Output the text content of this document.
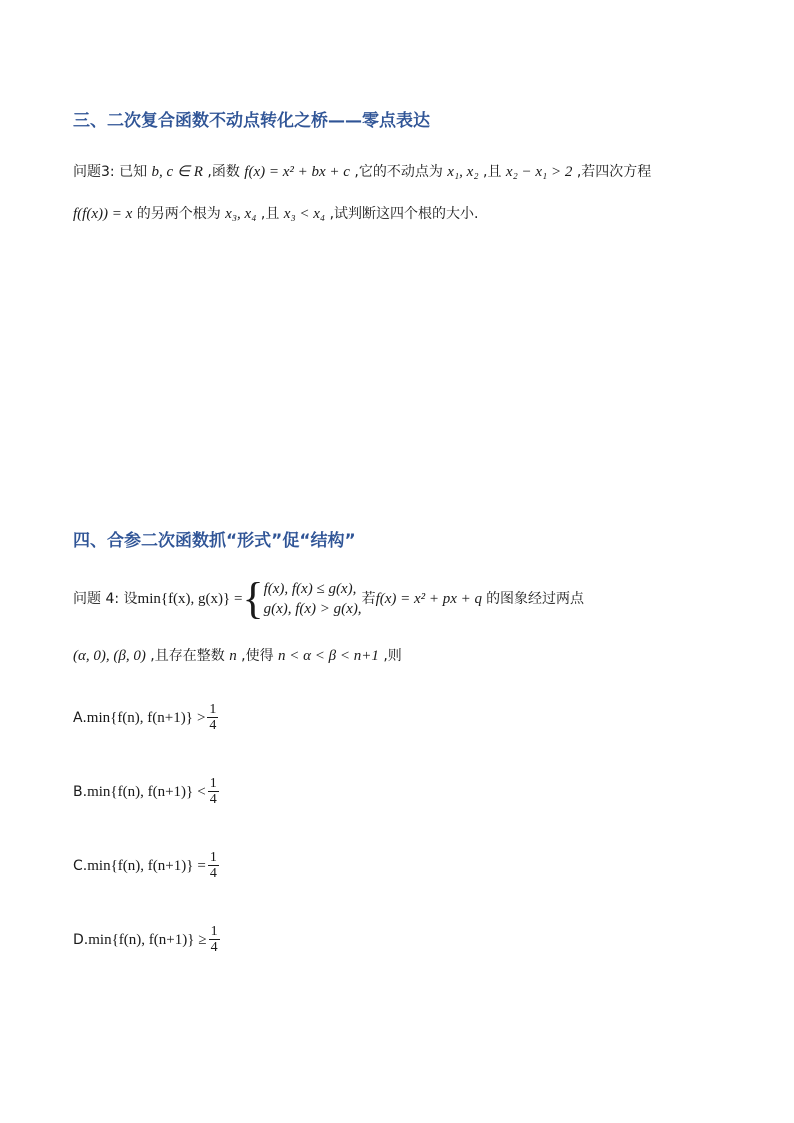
三、二次复合函数不动点转化之桥——零点表达
问题3: 已知 b, c ∈ R ,函数 f(x) = x² + bx + c ,它的不动点为 x₁, x₂ ,且 x₂ − x₁ > 2 ,若四次方程
f(f(x)) = x 的另两个根为 x₃, x₄ ,且 x₃ < x₄ ,试判断这四个根的大小.
四、合参二次函数抓“形式”促“结构”
问题 4: 设 min{f(x), g(x)} = { f(x), f(x) ≤ g(x),
g(x), f(x) > g(x),
若 f(x) = x² + px + q 的图象经过两点
(α, 0), (β, 0) ,且存在整数 n ,使得 n < α < β < n+1 ,则
A. min{f(n), $f(n+1)\} > \frac{1}{4}$
B. min{f(n), $f(n+1)\} < \frac{1}{4}$
C. min{f(n), $f(n+1)\} = \frac{1}{4}$
D. min{f(n), $f(n+1)\} \ge \frac{1}{4}$
